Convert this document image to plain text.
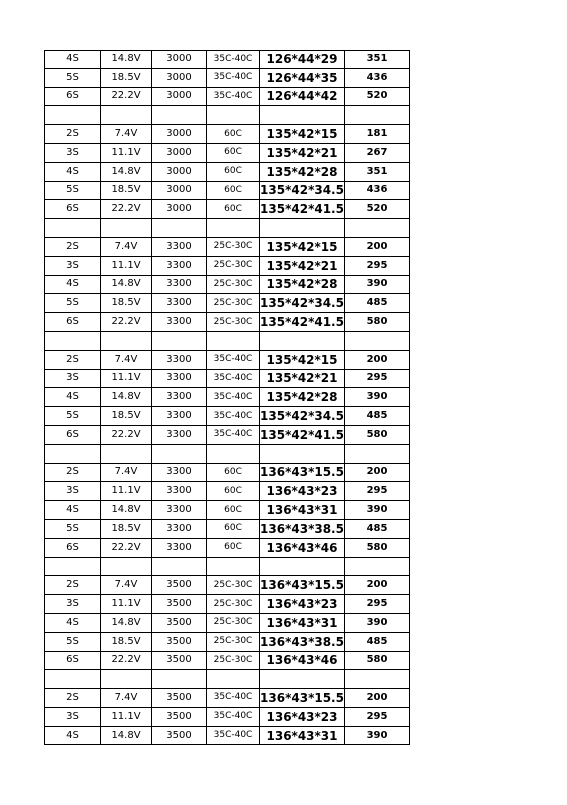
4S	14.8V	3000	35C-40C	126*44*29	351
5S	18.5V	3000	35C-40C	126*44*35	436
6S	22.2V	3000	35C-40C	126*44*42	520
2S	7.4V	3000	60C	135*42*15	181
3S	11.1V	3000	60C	135*42*21	267
4S	14.8V	3000	60C	135*42*28	351
5S	18.5V	3000	60C	135*42*34.5	436
6S	22.2V	3000	60C	135*42*41.5	520
2S	7.4V	3300	25C-30C	135*42*15	200
3S	11.1V	3300	25C-30C	135*42*21	295
4S	14.8V	3300	25C-30C	135*42*28	390
5S	18.5V	3300	25C-30C 135*42*34.5	485
6S	22.2V	3300	25C-30C 135*42*41.5	580
2S	7.4V	3300	35C-40C	135*42*15	200
3S	11.1V	3300	35C-40C	135*42*21	295
4S	14.8V	3300	35C-40C	135*42*28	390
5S	18.5V	3300	35C-40C 135*42*34.5	485
6S	22.2V	3300	35C-40C 135*42*41.5	580
2S	7.4V	3300	60C	136*43*15.5	200
3S	11.1V	3300	60C	136*43*23	295
4S	14.8V	3300	60C	136*43*31	390
5S	18.5V	3300	60C	136*43*38.5	485
6S	22.2V	3300	60C	136*43*46	580
2S	7.4V	3500	25C-30C 136*43*15.5	200
3S	11.1V	3500	25C-30C	136*43*23	295
4S	14.8V	3500	25C-30C	136*43*31	390
5S	18.5V	3500	25C-30C 136*43*38.5	485
6S	22.2V	3500	25C-30C	136*43*46	580
2S	7.4V	3500	35C-40C 136*43*15.5	200
3S	11.1V	3500	35C-40C	136*43*23	295
4S	14.8V	3500	35C-40C	136*43*31	390
